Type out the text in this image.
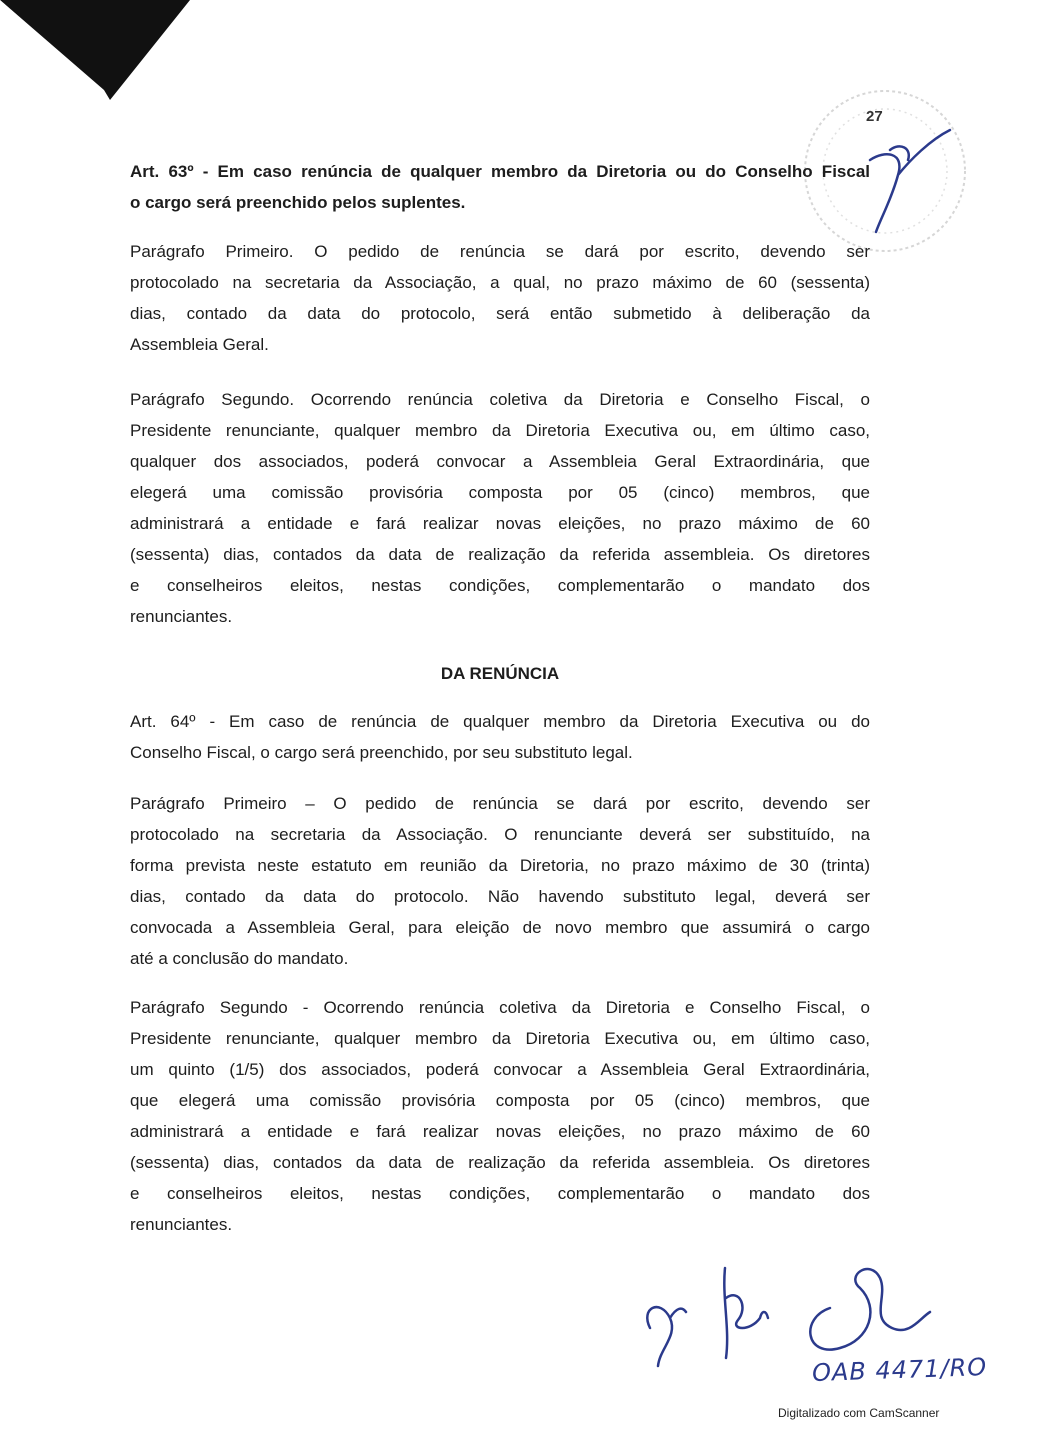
27
Art. 63º - Em caso renúncia de qualquer membro da Diretoria ou do Conselho Fiscal
o cargo será preenchido pelos suplentes.
Parágrafo Primeiro. O pedido de renúncia se dará por escrito, devendo ser
protocolado na secretaria da Associação, a qual, no prazo máximo de 60 (sessenta)
dias, contado da data do protocolo, será então submetido à deliberação da
Assembleia Geral.
Parágrafo Segundo. Ocorrendo renúncia coletiva da Diretoria e Conselho Fiscal, o
Presidente renunciante, qualquer membro da Diretoria Executiva ou, em último caso,
qualquer dos associados, poderá convocar a Assembleia Geral Extraordinária, que
elegerá uma comissão provisória composta por 05 (cinco) membros, que
administrará a entidade e fará realizar novas eleições, no prazo máximo de 60
(sessenta) dias, contados da data de realização da referida assembleia. Os diretores
e conselheiros eleitos, nestas condições, complementarão o mandato dos
renunciantes.
DA RENÚNCIA
Art. 64º - Em caso de renúncia de qualquer membro da Diretoria Executiva ou do
Conselho Fiscal, o cargo será preenchido, por seu substituto legal.
Parágrafo Primeiro – O pedido de renúncia se dará por escrito, devendo ser
protocolado na secretaria da Associação. O renunciante deverá ser substituído, na
forma prevista neste estatuto em reunião da Diretoria, no prazo máximo de 30 (trinta)
dias, contado da data do protocolo. Não havendo substituto legal, deverá ser
convocada a Assembleia Geral, para eleição de novo membro que assumirá o cargo
até a conclusão do mandato.
Parágrafo Segundo - Ocorrendo renúncia coletiva da Diretoria e Conselho Fiscal, o
Presidente renunciante, qualquer membro da Diretoria Executiva ou, em último caso,
um quinto (1/5) dos associados, poderá convocar a Assembleia Geral Extraordinária,
que elegerá uma comissão provisória composta por 05 (cinco) membros, que
administrará a entidade e fará realizar novas eleições, no prazo máximo de 60
(sessenta) dias, contados da data de realização da referida assembleia. Os diretores
e conselheiros eleitos, nestas condições, complementarão o mandato dos
renunciantes.
OAB 4471/RO
Digitalizado com CamScanner
